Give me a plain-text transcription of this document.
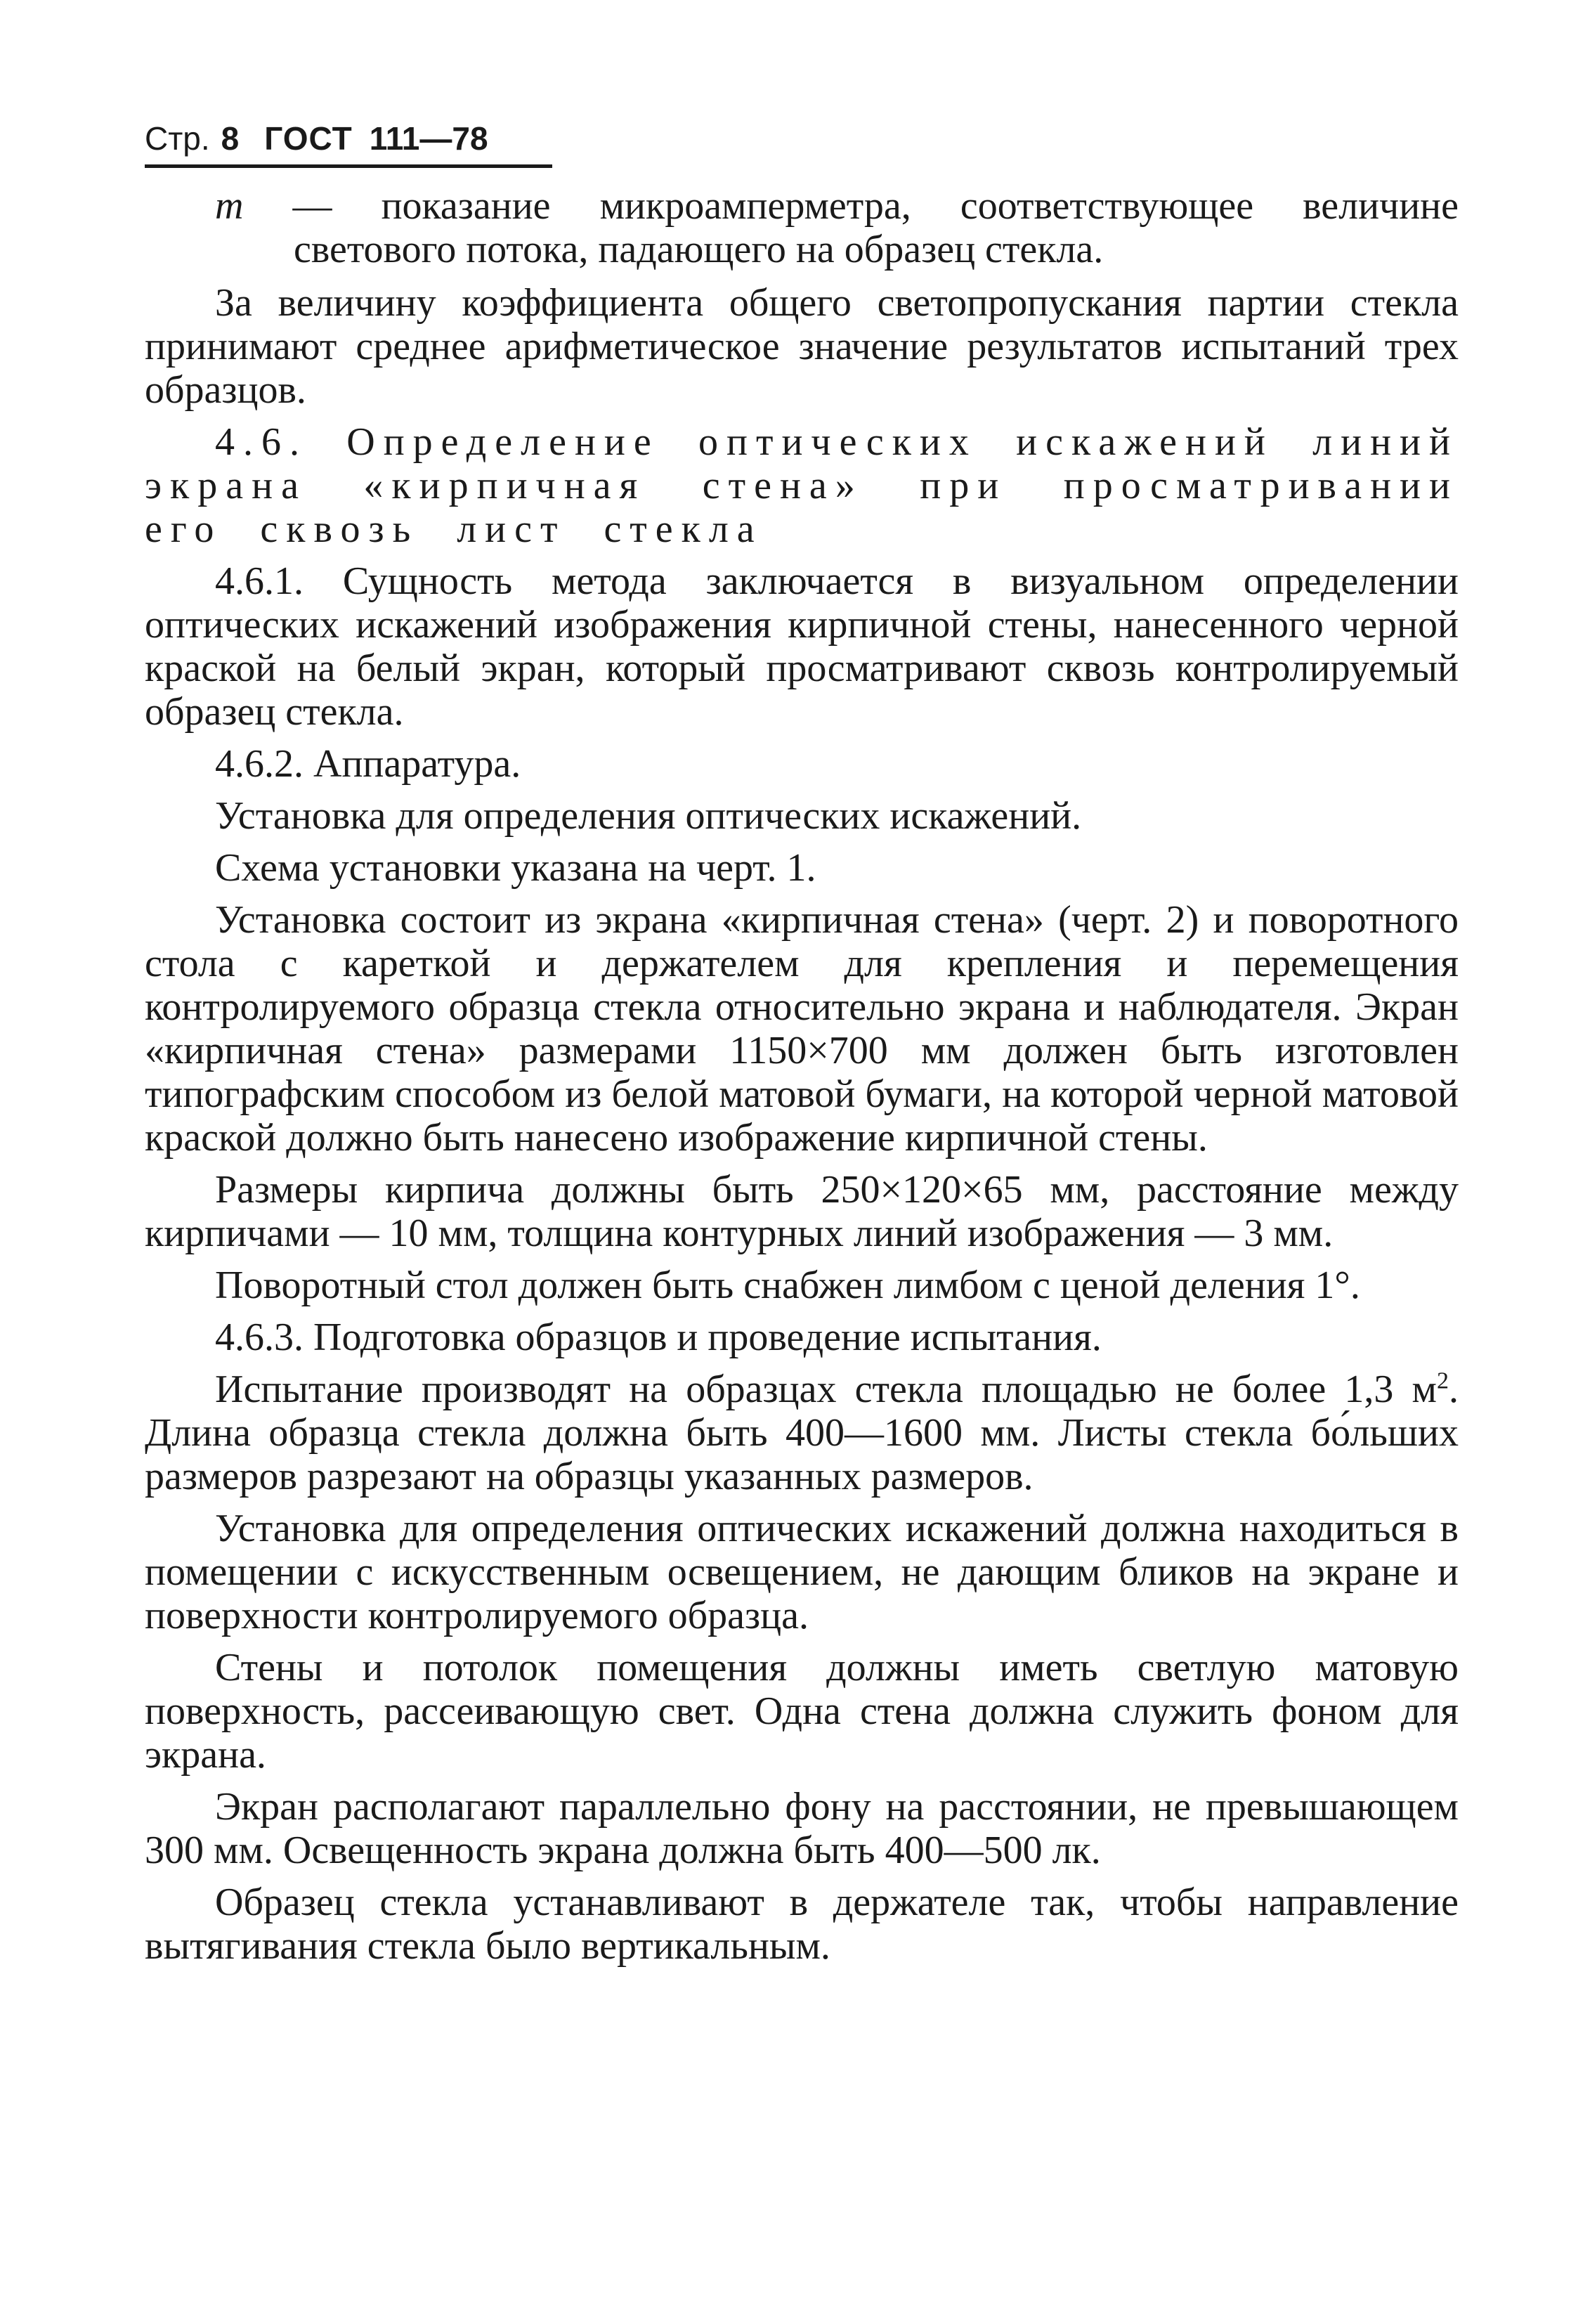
Стр. 8 ГОСТ 111—78
m — показание микроамперметра, соответствующее величине
светового потока, падающего на образец стекла.

За величину коэффициента общего светопропускания партии стекла принимают среднее арифметическое значение результатов испытаний трех образцов.

4.6. Определение оптических искажений линий экрана «кирпичная стена» при просматривании его сквозь лист стекла

4.6.1. Сущность метода заключается в визуальном определении оптических искажений изображения кирпичной стены, нанесенного черной краской на белый экран, который просматривают сквозь контролируемый образец стекла.

4.6.2. Аппаратура.

Установка для определения оптических искажений.

Схема установки указана на черт. 1.

Установка состоит из экрана «кирпичная стена» (черт. 2) и поворотного стола с кареткой и держателем для крепления и перемещения контролируемого образца стекла относительно экрана и наблюдателя. Экран «кирпичная стена» размерами 1150×700 мм должен быть изготовлен типографским способом из белой матовой бумаги, на которой черной матовой краской должно быть нанесено изображение кирпичной стены.

Размеры кирпича должны быть 250×120×65 мм, расстояние между кирпичами — 10 мм, толщина контурных линий изображения — 3 мм.

Поворотный стол должен быть снабжен лимбом с ценой деления 1°.

4.6.3. Подготовка образцов и проведение испытания.

Испытание производят на образцах стекла площадью не более 1,3 $м^2$. Длина образца стекла должна быть 400—1600 мм. Листы стекла бо́льших размеров разрезают на образцы указанных размеров.

Установка для определения оптических искажений должна находиться в помещении с искусственным освещением, не дающим бликов на экране и поверхности контролируемого образца.

Стены и потолок помещения должны иметь светлую матовую поверхность, рассеивающую свет. Одна стена должна служить фоном для экрана.

Экран располагают параллельно фону на расстоянии, не превышающем 300 мм. Освещенность экрана должна быть 400—500 лк.

Образец стекла устанавливают в держателе так, чтобы направление вытягивания стекла было вертикальным.
